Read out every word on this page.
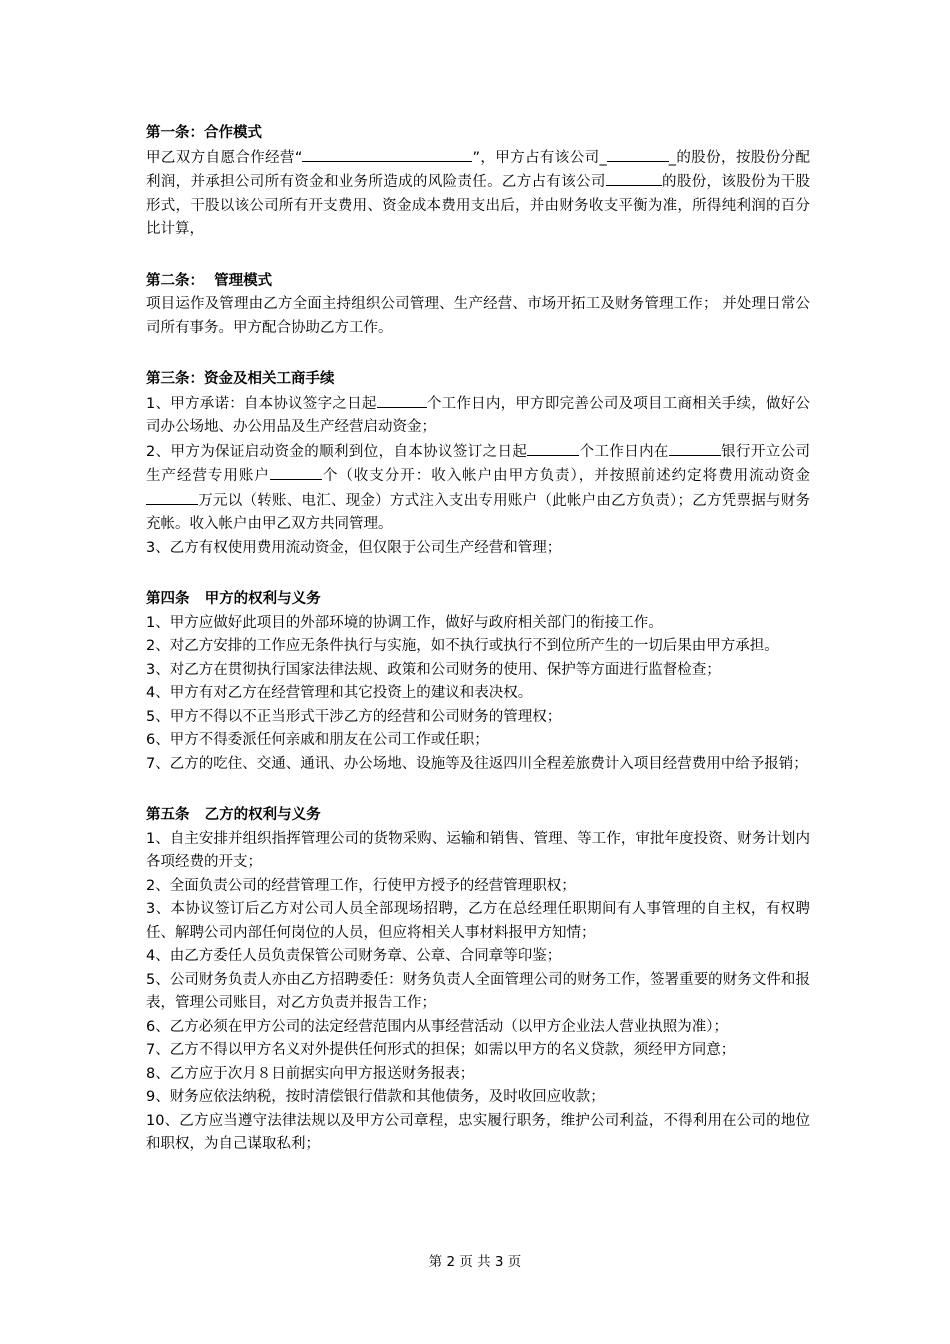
第一条：合作模式
甲乙双方自愿合作经营“	”，甲方占有该公司_	_的股份，按股份分配利润，并承担公司所有资金和业务所造成的风险责任。乙方占有该公司	的股份，该股份为干股形式，干股以该公司所有开支费用、资金成本费用支出后，并由财务收支平衡为准，所得纯利润的百分比计算，
第二条：  管理模式
项目运作及管理由乙方全面主持组织公司管理、生产经营、市场开拓工及财务管理工作； 并处理日常公司所有事务。甲方配合协助乙方工作。
第三条：资金及相关工商手续
1、甲方承诺：自本协议签字之日起	个工作日内，甲方即完善公司及项目工商相关手续，做好公司办公场地、办公用品及生产经营启动资金；
2、甲方为保证启动资金的顺利到位，自本协议签订之日起	个工作日内在	银行开立公司生产经营专用账户	个（收支分开：收入帐户由甲方负责），并按照前述约定将费用流动资金万元以（转账、电汇、现金）方式注入支出专用账户（此帐户由乙方负责）；乙方凭票据与财务充帐。收入帐户由甲乙双方共同管理。
3、乙方有权使用费用流动资金，但仅限于公司生产经营和管理；
第四条   甲方的权利与义务
1、甲方应做好此项目的外部环境的协调工作，做好与政府相关部门的衔接工作。
2、对乙方安排的工作应无条件执行与实施，如不执行或执行不到位所产生的一切后果由甲方承担。
3、对乙方在贯彻执行国家法律法规、政策和公司财务的使用、保护等方面进行监督检查；
4、甲方有对乙方在经营管理和其它投资上的建议和表决权。
5、甲方不得以不正当形式干涉乙方的经营和公司财务的管理权；
6、甲方不得委派任何亲戚和朋友在公司工作或任职；
7、乙方的吃住、交通、通讯、办公场地、设施等及往返四川全程差旅费计入项目经营费用中给予报销；
第五条   乙方的权利与义务
1、自主安排并组织指挥管理公司的货物采购、运输和销售、管理、等工作，审批年度投资、财务计划内各项经费的开支；
2、全面负责公司的经营管理工作，行使甲方授予的经营管理职权；
3、本协议签订后乙方对公司人员全部现场招聘，乙方在总经理任职期间有人事管理的自主权，有权聘任、解聘公司内部任何岗位的人员，但应将相关人事材料报甲方知情；
4、由乙方委任人员负责保管公司财务章、公章、合同章等印鉴；
5、公司财务负责人亦由乙方招聘委任：财务负责人全面管理公司的财务工作，签署重要的财务文件和报表，管理公司账目，对乙方负责并报告工作；
6、乙方必须在甲方公司的法定经营范围内从事经营活动（以甲方企业法人营业执照为准）；
7、乙方不得以甲方名义对外提供任何形式的担保；如需以甲方的名义贷款，须经甲方同意；
8、乙方应于次月８日前据实向甲方报送财务报表；
9、财务应依法纳税，按时清偿银行借款和其他债务，及时收回应收款；
10、乙方应当遵守法律法规以及甲方公司章程，忠实履行职务，维护公司利益，不得利用在公司的地位和职权，为自己谋取私利；
第 2 页 共 3 页
